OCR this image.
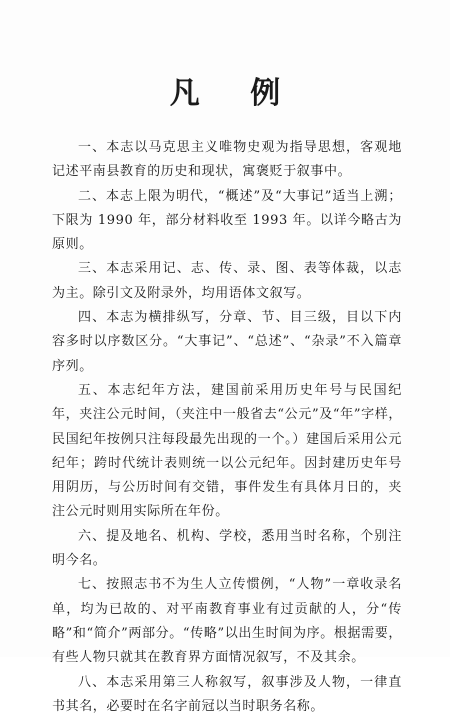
凡 例

一、本志以马克思主义唯物史观为指导思想，客观地记述平南县教育的历史和现状，寓褒贬于叙事中。

二、本志上限为明代，“概述”及“大事记”适当上溯；下限为 1990 年，部分材料收至 1993 年。以详今略古为原则。

三、本志采用记、志、传、录、图、表等体裁，以志为主。除引文及附录外，均用语体文叙写。

四、本志为横排纵写，分章、节、目三级，目以下内容多时以序数区分。“大事记”、“总述”、“杂录”不入篇章序列。

五、本志纪年方法，建国前采用历史年号与民国纪年，夹注公元时间，（夹注中一般省去“公元”及“年”字样，民国纪年按例只注每段最先出现的一个。）建国后采用公元纪年；跨时代统计表则统一以公元纪年。因封建历史年号用阴历，与公历时间有交错，事件发生有具体月日的，夹注公元时则用实际所在年份。

六、提及地名、机构、学校，悉用当时名称，个别注明今名。

七、按照志书不为生人立传惯例，“人物”一章收录名单，均为已故的、对平南教育事业有过贡献的人，分“传略”和“简介”两部分。“传略”以出生时间为序。根据需要，有些人物只就其在教育界方面情况叙写，不及其余。

八、本志采用第三人称叙写，叙事涉及人物，一律直书其名，必要时在名字前冠以当时职务名称。
